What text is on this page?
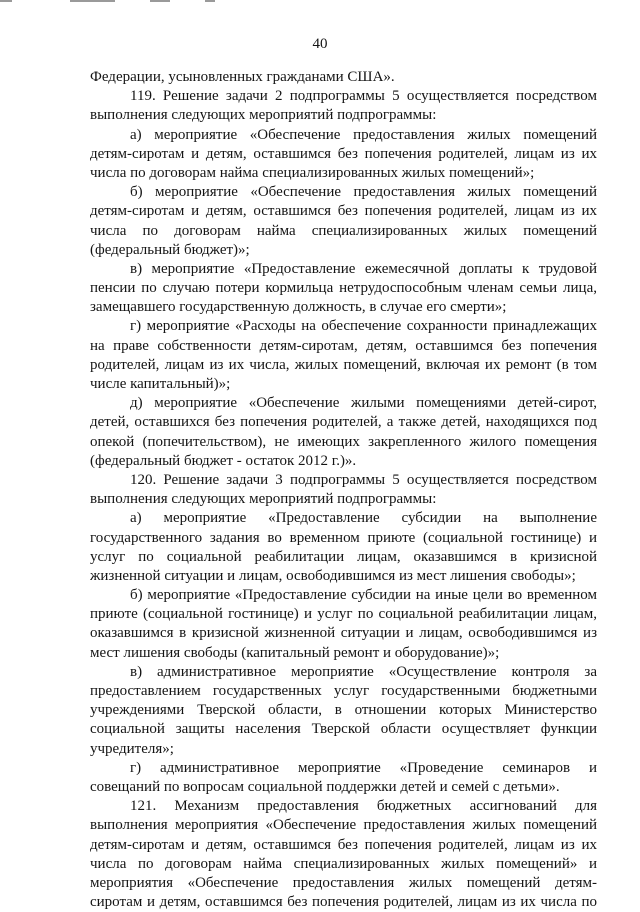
40
Федерации, усыновленных гражданами США».
119. Решение задачи 2 подпрограммы 5 осуществляется посредством
выполнения следующих мероприятий подпрограммы:
а) мероприятие «Обеспечение предоставления жилых помещений
детям-сиротам и детям, оставшимся без попечения родителей, лицам из их
числа по договорам найма специализированных жилых помещений»;
б) мероприятие «Обеспечение предоставления жилых помещений
детям-сиротам и детям, оставшимся без попечения родителей, лицам из их
числа по договорам найма специализированных жилых помещений
(федеральный бюджет)»;
в) мероприятие «Предоставление ежемесячной доплаты к трудовой
пенсии по случаю потери кормильца нетрудоспособным членам семьи лица,
замещавшего государственную должность, в случае его смерти»;
г) мероприятие «Расходы на обеспечение сохранности принадлежащих
на праве собственности детям-сиротам, детям, оставшимся без попечения
родителей, лицам из их числа, жилых помещений, включая их ремонт (в том
числе капитальный)»;
д) мероприятие «Обеспечение жилыми помещениями детей-сирот,
детей, оставшихся без попечения родителей, а также детей, находящихся под
опекой (попечительством), не имеющих закрепленного жилого помещения
(федеральный бюджет - остаток 2012 г.)».
120. Решение задачи 3 подпрограммы 5 осуществляется посредством
выполнения следующих мероприятий подпрограммы:
а) мероприятие «Предоставление субсидии на выполнение
государственного задания во временном приюте (социальной гостинице) и
услуг по социальной реабилитации лицам, оказавшимся в кризисной
жизненной ситуации и лицам, освободившимся из мест лишения свободы»;
б) мероприятие «Предоставление субсидии на иные цели во временном
приюте (социальной гостинице) и услуг по социальной реабилитации лицам,
оказавшимся в кризисной жизненной ситуации и лицам, освободившимся из
мест лишения свободы (капитальный ремонт и оборудование)»;
в) административное мероприятие «Осуществление контроля за
предоставлением государственных услуг государственными бюджетными
учреждениями Тверской области, в отношении которых Министерство
социальной защиты населения Тверской области осуществляет функции
учредителя»;
г) административное мероприятие «Проведение семинаров и
совещаний по вопросам социальной поддержки детей и семей с детьми».
121. Механизм предоставления бюджетных ассигнований для
выполнения мероприятия «Обеспечение предоставления жилых помещений
детям-сиротам и детям, оставшимся без попечения родителей, лицам из их
числа по договорам найма специализированных жилых помещений» и
мероприятия «Обеспечение предоставления жилых помещений детям-
сиротам и детям, оставшимся без попечения родителей, лицам из их числа по
